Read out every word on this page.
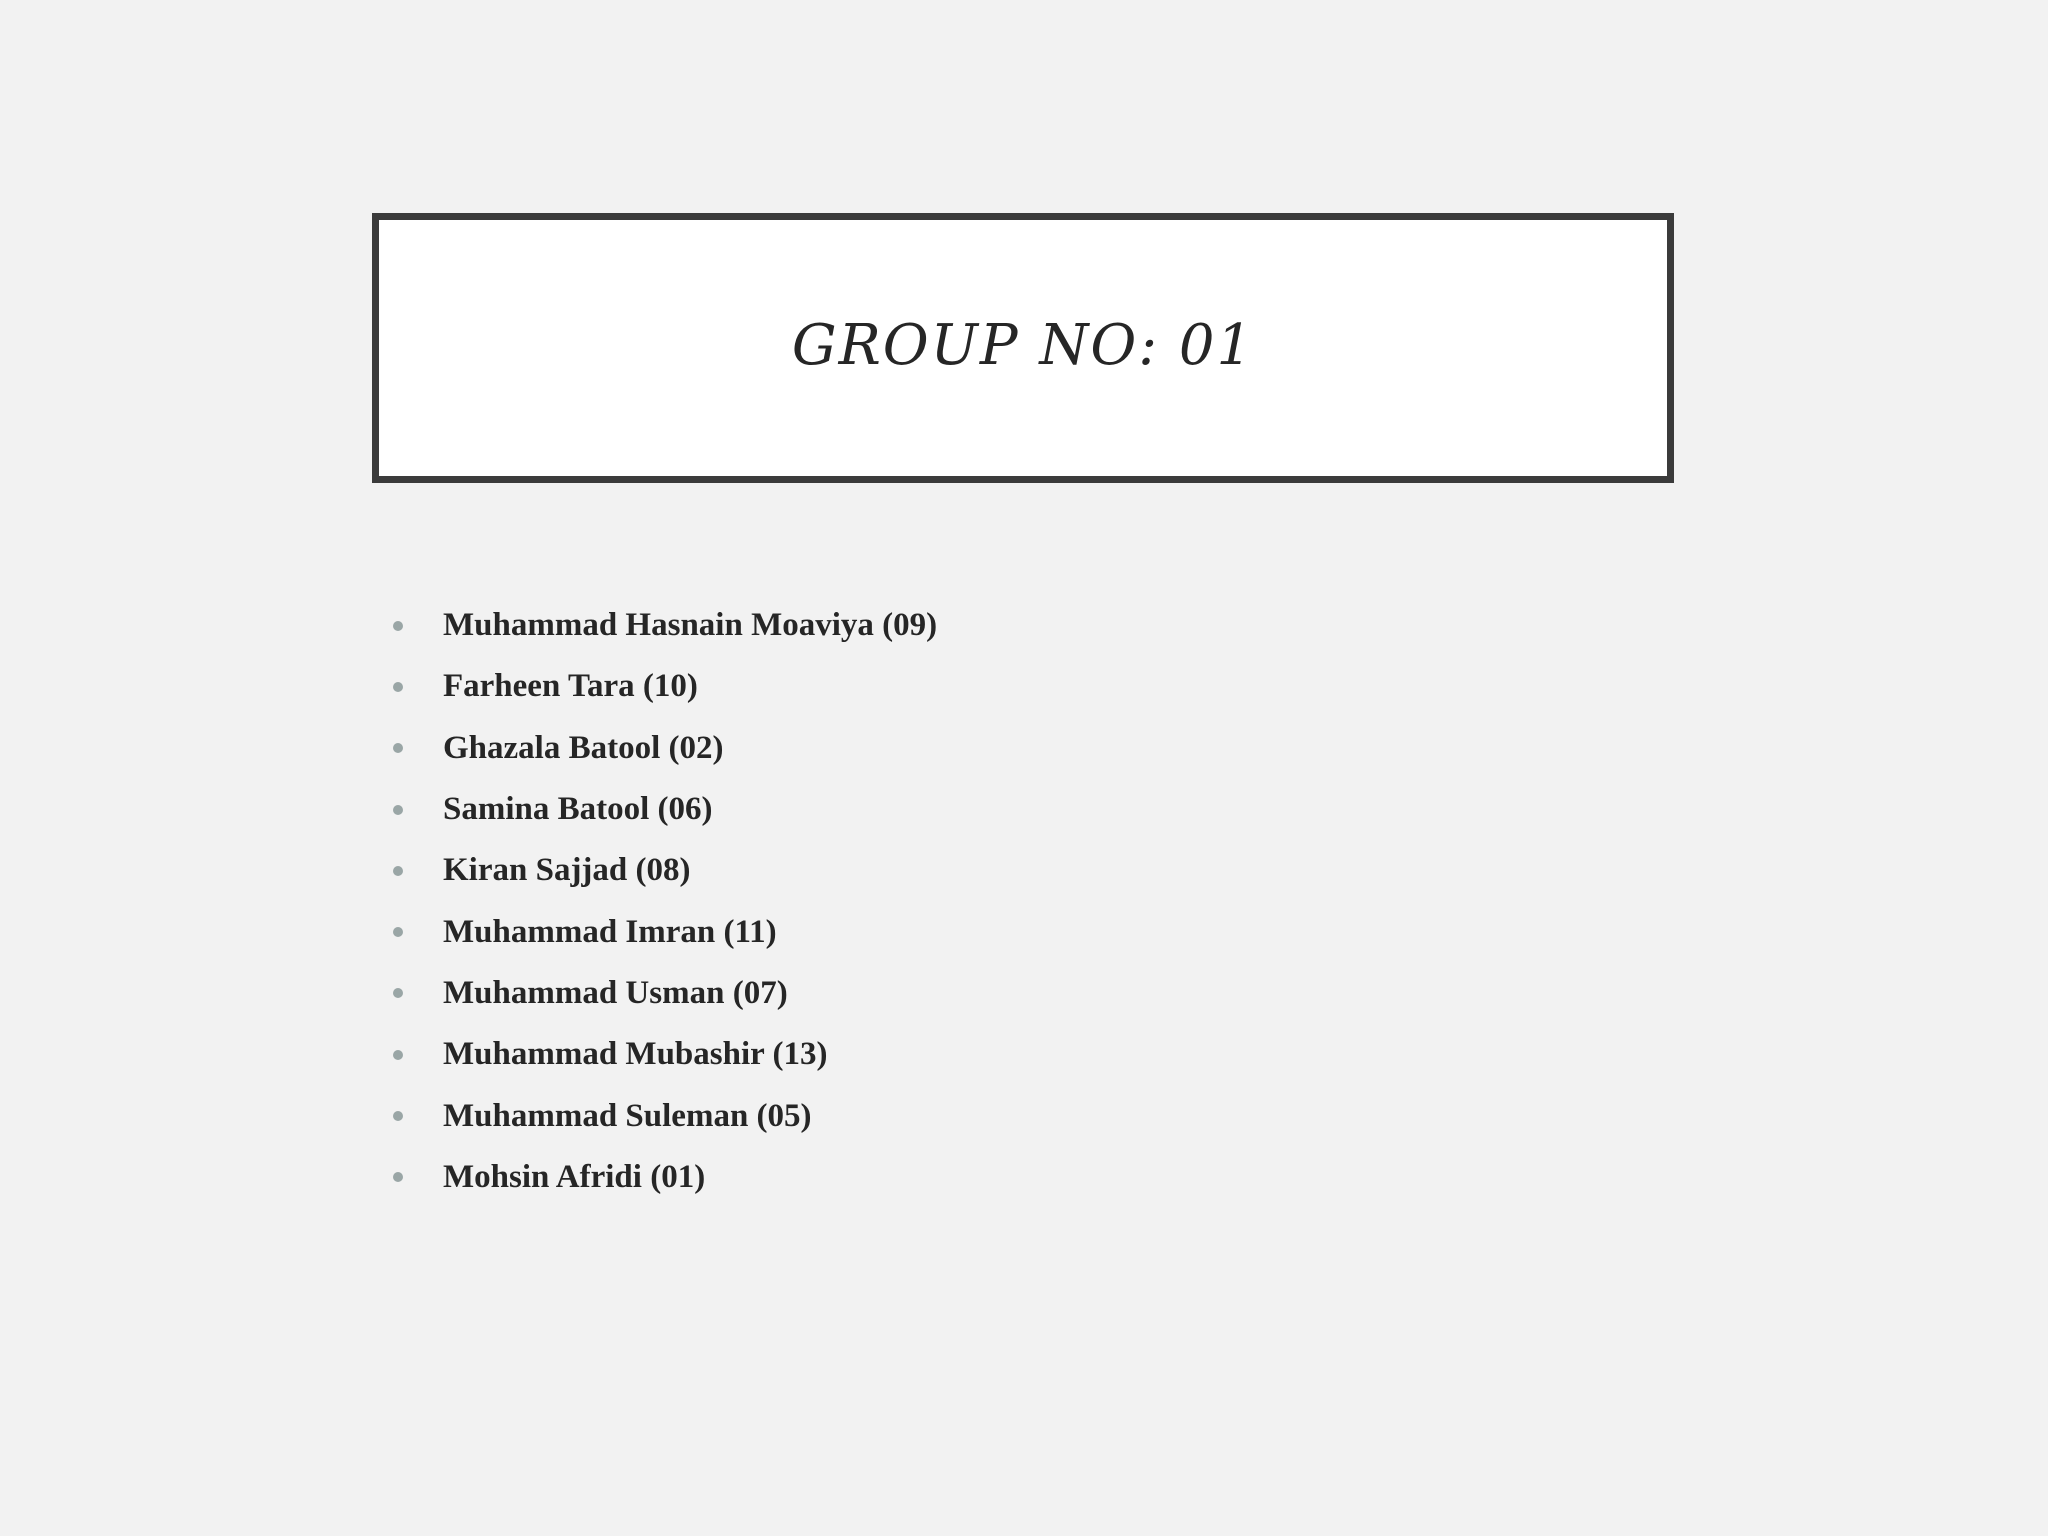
GROUP NO: 01
Muhammad Hasnain Moaviya (09)
Farheen Tara (10)
Ghazala Batool (02)
Samina Batool (06)
Kiran Sajjad (08)
Muhammad Imran (11)
Muhammad Usman (07)
Muhammad Mubashir (13)
Muhammad Suleman (05)
Mohsin Afridi (01)
